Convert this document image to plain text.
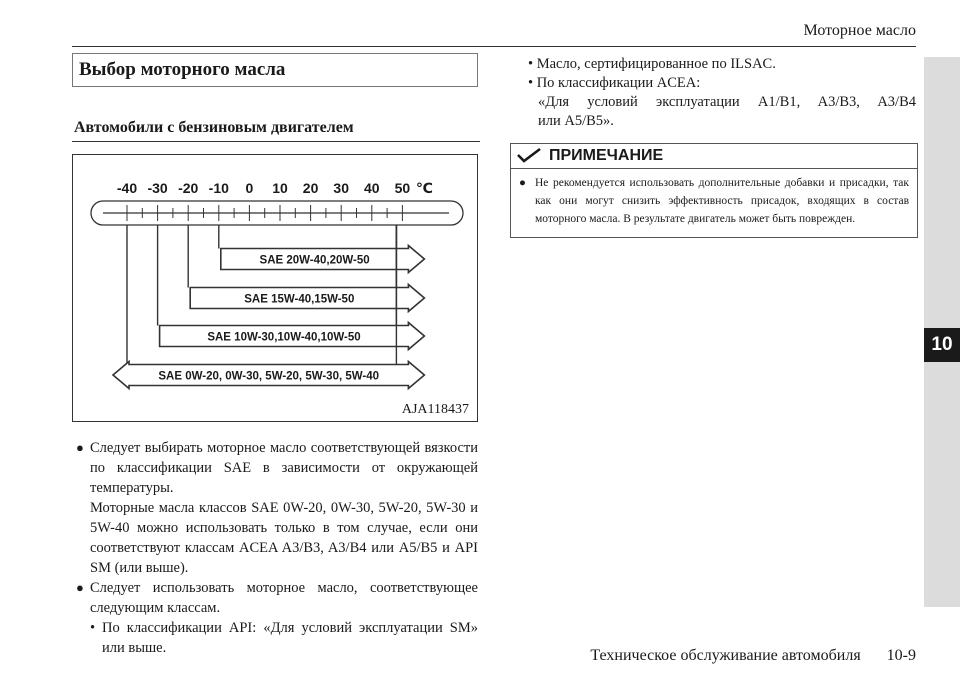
Моторное масло
10
Выбор моторного масла
Автомобили с бензиновым двигателем
-40 -30 -20 -10 0 10 20 30 40 50 ℃
SAE 20W-40,20W-50
SAE 15W-40,15W-50
SAE 10W-30,10W-40,10W-50
SAE 0W-20, 0W-30, 5W-20, 5W-30, 5W-40
AJA118437
● Следует выбирать моторное масло соответствующей вязкости по классификации SAE в зависимости от окружающей температуры.

Моторные масла классов SAE 0W-20, 0W-30, 5W-20, 5W-30 и 5W-40 можно использовать только в том случае, если они соответствуют классам ACEA A3/B3, A3/B4 или A5/B5 и API SM (или выше).

● Следует использовать моторное масло, соответствующее следующим классам.

• По классификации API: «Для условий эксплуатации SM» или выше.

• Масло, сертифицированное по ILSAC.

• По классификации ACEA:

«Для условий эксплуатации A1/B1, A3/B3, A3/B4

или A5/B5».

ПРИМЕЧАНИЕ
● Не рекомендуется использовать дополнительные добавки и присадки, так как они могут снизить эффективность присадок, входящих в состав моторного масла. В результате двигатель может быть поврежден.

Техническое обслуживание автомобиля 10-9
